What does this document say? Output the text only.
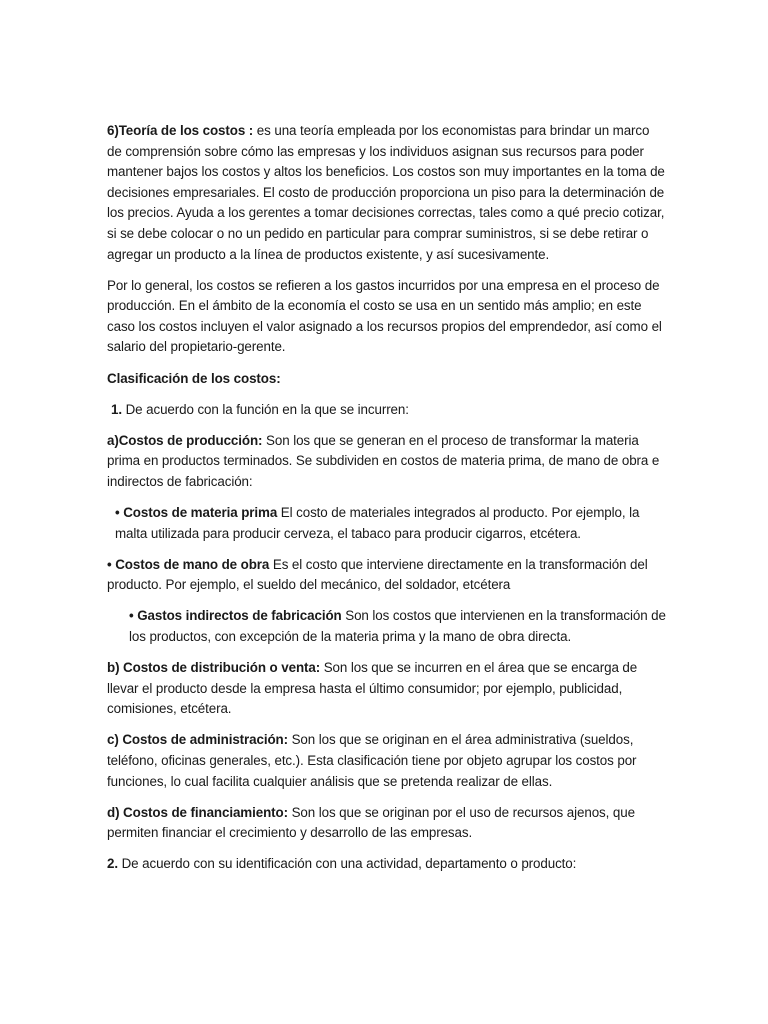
6)Teoría de los costos : es una teoría empleada por los economistas para brindar un marco de comprensión sobre cómo las empresas y los individuos asignan sus recursos para poder mantener bajos los costos y altos los beneficios. Los costos son muy importantes en la toma de decisiones empresariales. El costo de producción proporciona un piso para la determinación de los precios. Ayuda a los gerentes a tomar decisiones correctas, tales como a qué precio cotizar, si se debe colocar o no un pedido en particular para comprar suministros, si se debe retirar o agregar un producto a la línea de productos existente, y así sucesivamente.

Por lo general, los costos se refieren a los gastos incurridos por una empresa en el proceso de producción. En el ámbito de la economía el costo se usa en un sentido más amplio; en este caso los costos incluyen el valor asignado a los recursos propios del emprendedor, así como el salario del propietario-gerente.

Clasificación de los costos:

1. De acuerdo con la función en la que se incurren:

a)Costos de producción: Son los que se generan en el proceso de transformar la materia prima en productos terminados. Se subdividen en costos de materia prima, de mano de obra e indirectos de fabricación:

• Costos de materia prima El costo de materiales integrados al producto. Por ejemplo, la malta utilizada para producir cerveza, el tabaco para producir cigarros, etcétera.

• Costos de mano de obra Es el costo que interviene directamente en la transformación del producto. Por ejemplo, el sueldo del mecánico, del soldador, etcétera

• Gastos indirectos de fabricación Son los costos que intervienen en la transformación de los productos, con excepción de la materia prima y la mano de obra directa.

b) Costos de distribución o venta: Son los que se incurren en el área que se encarga de llevar el producto desde la empresa hasta el último consumidor; por ejemplo, publicidad, comisiones, etcétera.

c) Costos de administración: Son los que se originan en el área administrativa (sueldos, teléfono, oficinas generales, etc.). Esta clasificación tiene por objeto agrupar los costos por funciones, lo cual facilita cualquier análisis que se pretenda realizar de ellas.

d) Costos de financiamiento: Son los que se originan por el uso de recursos ajenos, que permiten financiar el crecimiento y desarrollo de las empresas.

2. De acuerdo con su identificación con una actividad, departamento o producto:
